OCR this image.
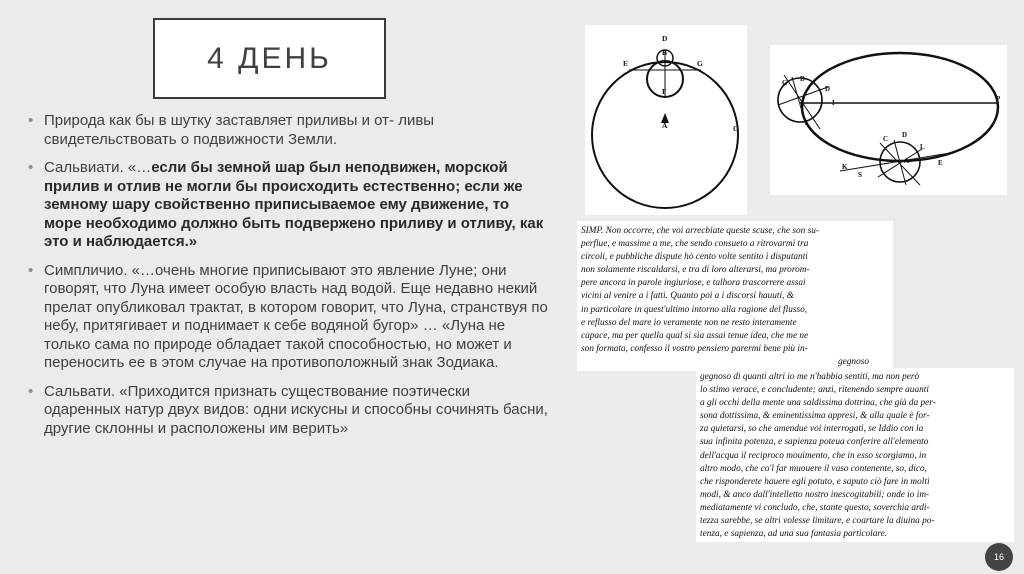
4 ДЕНЬ
• Природа как бы в шутку заставляет приливы и от- ливы свидетельствовать о подвижности Земли.
• Сальвиати. «…если бы земной шар был неподвижен, морской прилив и отлив не могли бы происходить естественно; если же земному шару свойственно приписываемое ему движение, то море необходимо должно быть подвержено приливу и отливу, как это и наблюдается.»
• Симпличио. «…очень многие приписывают это явление Луне; они говорят, что Луна имеет особую власть над водой. Еще недавно некий прелат опубликовал трактат, в котором говорит, что Луна, странствуя по небу, притягивает и поднимает к себе водяной бугор» … «Луна не только сама по природе обладает такой способностью, но может и переносить ее в этом случае на противоположный знак Зодиака.
• Сальвати. «Приходится признать существование поэтически одаренных натур двух видов: одни искусны и способны сочинять басни, другие склонны и расположены им верить»
D
B
E	G
F
A	C
G B
D
I	P
D
C
K
S
A
L
E
SIMP. Non occorre, che voi arrecbiate queste scuse, che son su-
perflue, e massime a me, che sendo consueto a ritrovarmi tra
circoli, e pubbliche dispute hò cento volte sentito i disputanti
non solamente riscaldarsi, e tra di loro alterarsi, ma prorom-
pere ancora in parole ingiuriose, e talhora trascorrere assai
vicini al venire a i fatti. Quanto poi a i discorsi hauuti, &
in particolare in quest'ultimo intorno alla ragione del flusso,
e reflusso del mare io veramente non ne resto interamente
capace, ma per quella qual si sia assai tenue idea, che me ne
son formata, confesso il vostro pensiero parermi bene più in-
gegnoso
gegnoso di quanti altri io me n'habbia sentiti, ma non però
lo stimo verace, e concludente; anzi, ritenendo sempre auanti
a gli occhi della mente una saldissima dottrina, che già da per-
sona dottissima, & eminentissima appresi, & alla quale è for-
za quietarsi, so che amendue voi interrogati, se Iddio con la
sua infinita potenza, e sapienza poteua conferire all'elemento
dell'acqua il reciproco mouimento, che in esso scorgiamo, in
altro modo, che co'l far muouere il vaso contenente, so, dico,
che risponderete hauere egli potuto, e saputo ciò fare in molti
modi, & anco dall'intelletto nostro inescogitabili; onde io im-
mediatamente vi concludo, che, stante questo, soverchia ardi-
tezza sarebbe, se altri volesse limitare, e coartare la diuina po-
tenza, e sapienza, ad una sua fantasia particolare.
16
